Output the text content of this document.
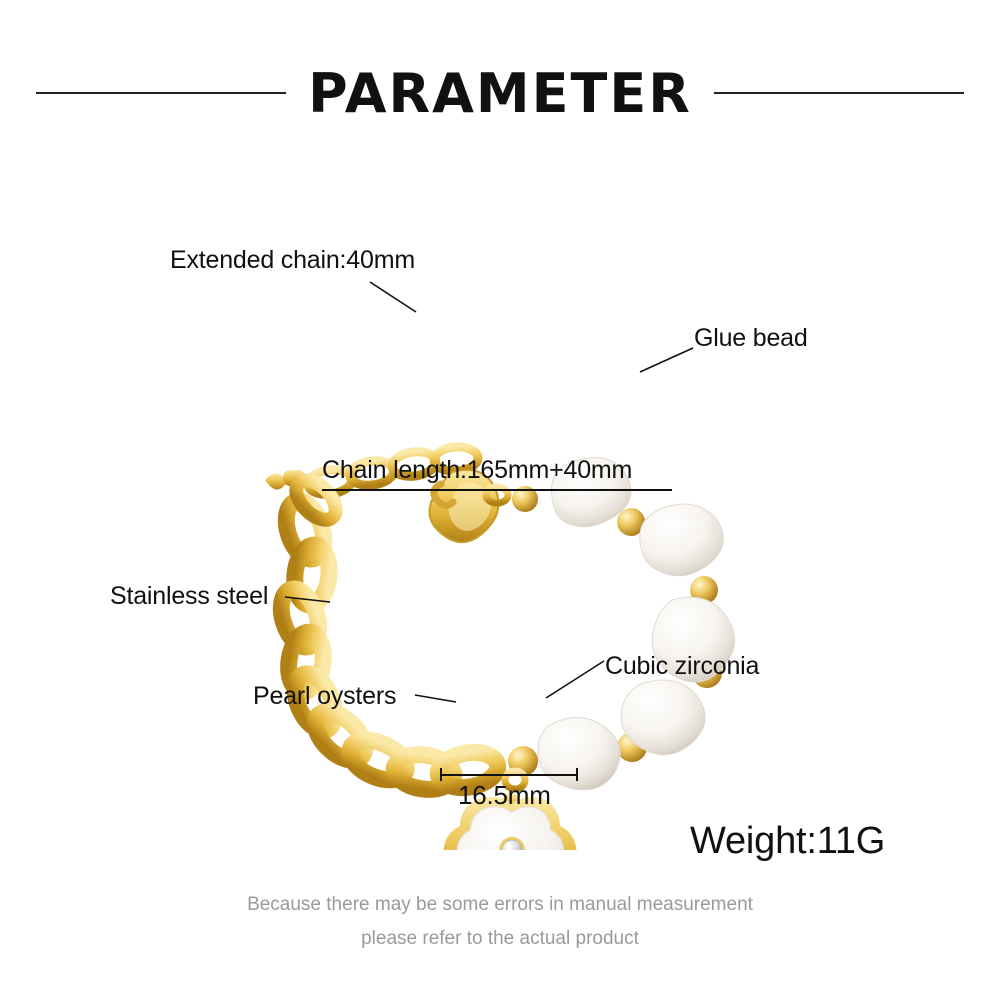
PARAMETER
Extended chain:40mm
Glue bead
Chain length:165mm+40mm
Stainless steel
Cubic zirconia
Pearl oysters
16.5mm
Weight:11G
Because there may be some errors in manual measurement
please refer to the actual product
